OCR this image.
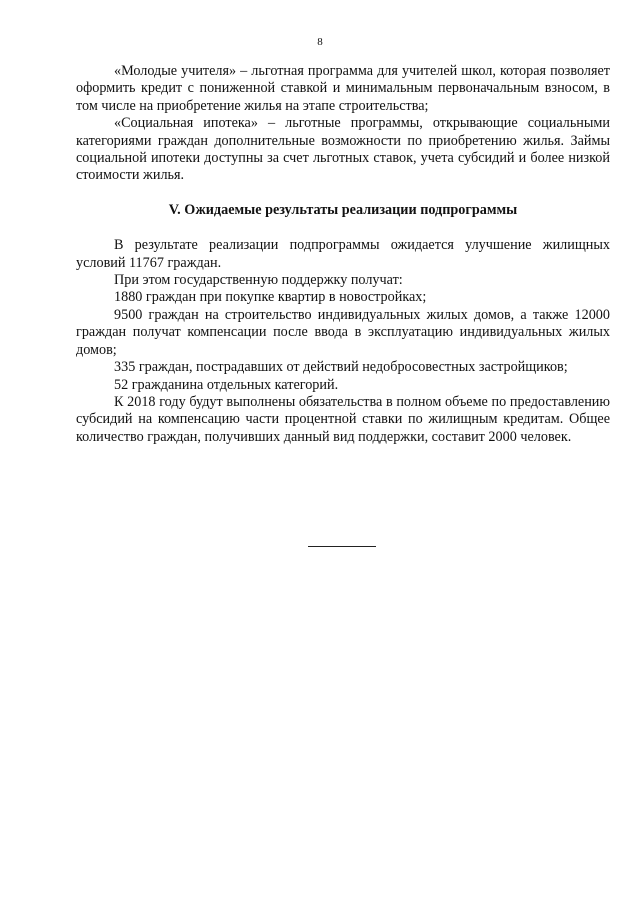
8

«Молодые учителя» – льготная программа для учителей школ, которая позволяет оформить кредит с пониженной ставкой и минимальным первоначальным взносом, в том числе на приобретение жилья на этапе строительства;

«Социальная ипотека» – льготные программы, открывающие социальными категориями граждан дополнительные возможности по приобретению жилья. Займы социальной ипотеки доступны за счет льготных ставок, учета субсидий и более низкой стоимости жилья.

V. Ожидаемые результаты реализации подпрограммы

В результате реализации подпрограммы ожидается улучшение жилищных условий 11767 граждан.

При этом государственную поддержку получат:

1880 граждан при покупке квартир в новостройках;

9500 граждан на строительство индивидуальных жилых домов, а также 12000 граждан получат компенсации после ввода в эксплуатацию индивидуальных жилых домов;

335 граждан, пострадавших от действий недобросовестных застройщиков;

52 гражданина отдельных категорий.

К 2018 году будут выполнены обязательства в полном объеме по предоставлению субсидий на компенсацию части процентной ставки по жилищным кредитам. Общее количество граждан, получивших данный вид поддержки, составит 2000 человек.
